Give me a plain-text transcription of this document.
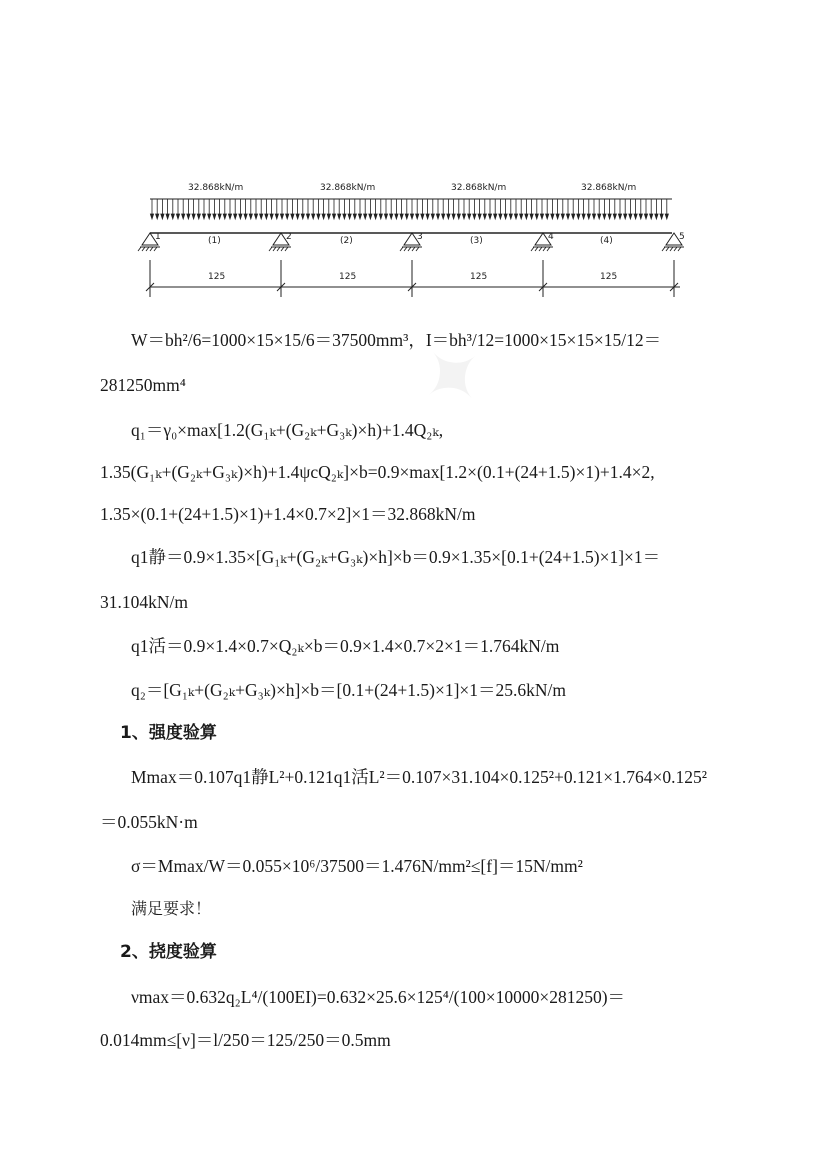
✦
32.868kN/m	32.868kN/m	32.868kN/m	32.868kN/m
1	2	3	4	5
(1)	(2)	(3)	(4)
125	125	125	125
W＝bh²/6=1000×15×15/6＝37500mm³，I＝bh³/12=1000×15×15×15/12＝
281250mm⁴
q₁＝γ₀×max[1.2(G₁ₖ+(G₂ₖ+G₃ₖ)×h)+1.4Q₂ₖ,
1.35(G₁ₖ+(G₂ₖ+G₃ₖ)×h)+1.4ψcQ₂ₖ]×b=0.9×max[1.2×(0.1+(24+1.5)×1)+1.4×2,
1.35×(0.1+(24+1.5)×1)+1.4×0.7×2]×1＝32.868kN/m
q1静＝0.9×1.35×[G₁ₖ+(G₂ₖ+G₃ₖ)×h]×b＝0.9×1.35×[0.1+(24+1.5)×1]×1＝
31.104kN/m
q1活＝0.9×1.4×0.7×Q₂ₖ×b＝0.9×1.4×0.7×2×1＝1.764kN/m
q₂＝[G₁ₖ+(G₂ₖ+G₃ₖ)×h]×b＝[0.1+(24+1.5)×1]×1＝25.6kN/m
1、强度验算
Mmax＝0.107q1静L²+0.121q1活L²＝0.107×31.104×0.125²+0.121×1.764×0.125²
＝0.055kN·m
σ＝Mmax/W＝0.055×10⁶/37500＝1.476N/mm²≤[f]＝15N/mm²
满足要求！
2、挠度验算
νmax＝0.632q₂L⁴/(100EI)=0.632×25.6×125⁴/(100×10000×281250)＝
0.014mm≤[ν]＝l/250＝125/250＝0.5mm
